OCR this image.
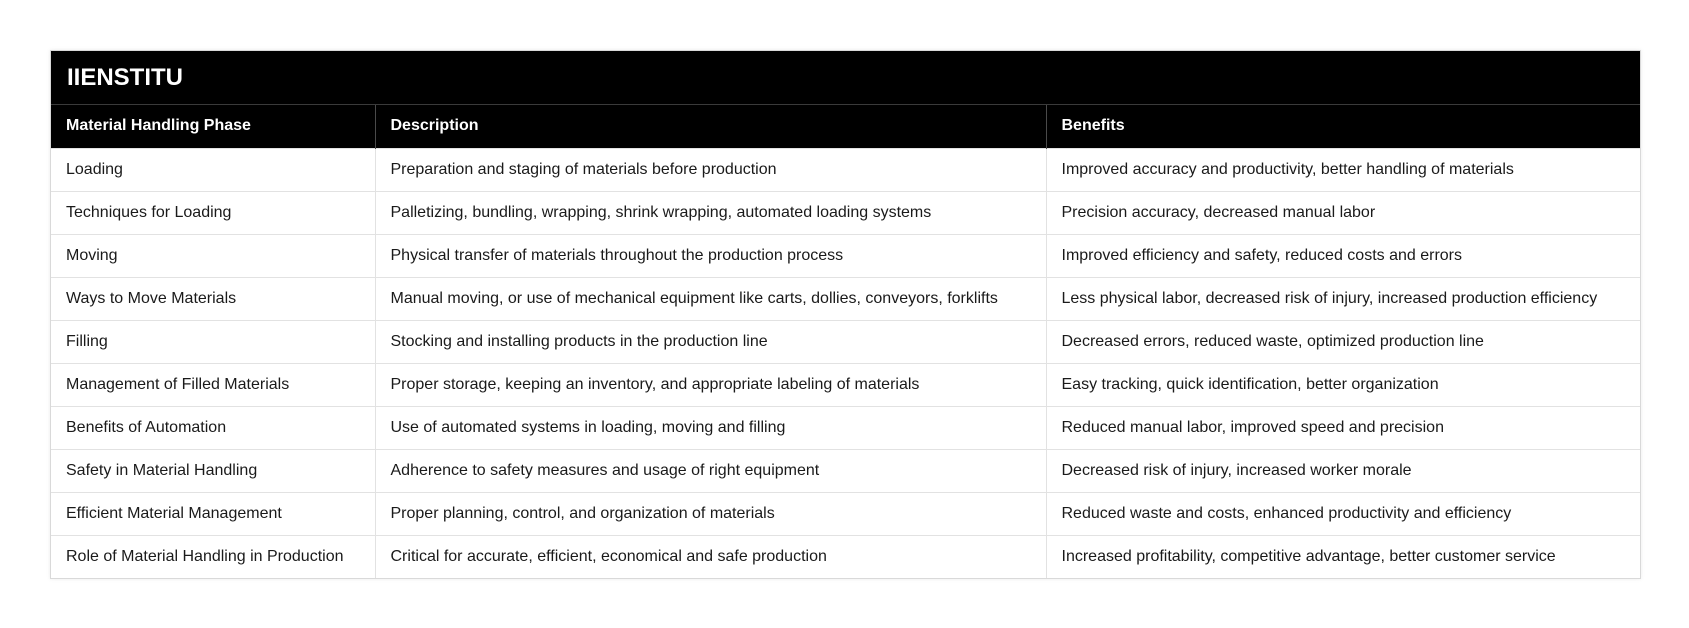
IIENSTITU
Material Handling Phase	Description	Benefits
Loading	Preparation and staging of materials before production	Improved accuracy and productivity, better handling of materials
Techniques for Loading	Palletizing, bundling, wrapping, shrink wrapping, automated loading systems	Precision accuracy, decreased manual labor
Moving	Physical transfer of materials throughout the production process	Improved efficiency and safety, reduced costs and errors
Ways to Move Materials	Manual moving, or use of mechanical equipment like carts, dollies, conveyors, forklifts	Less physical labor, decreased risk of injury, increased production efficiency
Filling	Stocking and installing products in the production line	Decreased errors, reduced waste, optimized production line
Management of Filled Materials	Proper storage, keeping an inventory, and appropriate labeling of materials	Easy tracking, quick identification, better organization
Benefits of Automation	Use of automated systems in loading, moving and filling	Reduced manual labor, improved speed and precision
Safety in Material Handling	Adherence to safety measures and usage of right equipment	Decreased risk of injury, increased worker morale
Efficient Material Management	Proper planning, control, and organization of materials	Reduced waste and costs, enhanced productivity and efficiency
Role of Material Handling in Production	Critical for accurate, efficient, economical and safe production	Increased profitability, competitive advantage, better customer service
